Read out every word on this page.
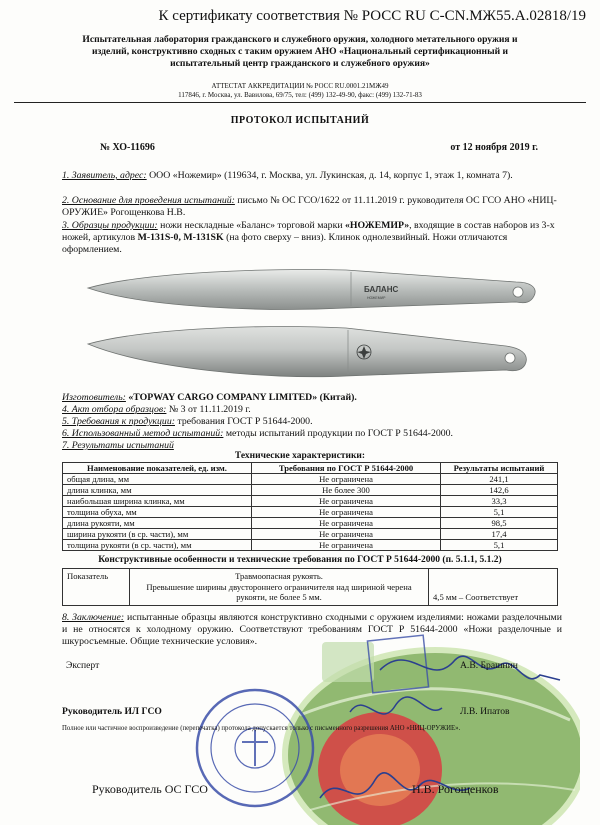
К сертификату соответствия № РОСС RU С-CN.МЖ55.А.02818/19
Испытательная лаборатория гражданского и служебного оружия, холодного метательного оружия и
изделий, конструктивно сходных с таким оружием АНО «Национальный сертификационный и
испытательный центр гражданского и служебного оружия»
АТТЕСТАТ АККРЕДИТАЦИИ № РОСС RU.0001.21МЖ49
117846, г. Москва, ул. Вавилова, 69/75, тел: (499) 132-49-90, факс: (499) 132-71-83
ПРОТОКОЛ ИСПЫТАНИЙ
№ ХО-11696	от 12 ноября 2019 г.
1. Заявитель, адрес: ООО «Ножемир» (119634, г. Москва, ул. Лукинская, д. 14, корпус 1, этаж 1, комната 7).
2. Основание для проведения испытаний: письмо № ОС ГСО/1622 от 11.11.2019 г. руководителя ОС ГСО АНО «НИЦ-ОРУЖИЕ» Рогощенкова Н.В.
3. Образцы продукции: ножи нескладные «Баланс» торговой марки «НОЖЕМИР», входящие в состав наборов из 3-х ножей, артикулов М-131S-0, М-131SK (на фото сверху – вниз). Клинок однолезвийный. Ножи отличаются оформлением.
БАЛАНС
НОЖЕМИР
Изготовитель: «TOPWAY CARGO COMPANY LIMITED» (Китай).
4. Акт отбора образцов: № 3 от 11.11.2019 г.
5. Требования к продукции: требования ГОСТ Р 51644-2000.
6. Использованный метод испытаний: методы испытаний продукции по ГОСТ Р 51644-2000.
7. Результаты испытаний
Технические характеристики:
Наименование показателей, ед. изм.	Требования по ГОСТ Р 51644-2000	Результаты испытаний
общая длина, мм	Не ограничена	241,1
длина клинка, мм	Не более 300	142,6
наибольшая ширина клинка, мм	Не ограничена	33,3
толщина обуха, мм	Не ограничена	5,1
длина рукояти, мм	Не ограничена	98,5
ширина рукояти (в ср. части), мм	Не ограничена	17,4
толщина рукояти (в ср. части), мм	Не ограничена	5,1
Конструктивные особенности и технические требования по ГОСТ Р 51644-2000 (п. 5.1.1, 5.1.2)
Показатель	Травмоопасная рукоять.
Превышение ширины двустороннего ограничителя над шириной черена рукояти, не более 5 мм.	4,5 мм – Соответствует
8. Заключение: испытанные образцы являются конструктивно сходными с оружием изделиями: ножами разделочными и не относятся к холодному оружию. Соответствуют требованиям ГОСТ Р 51644-2000 «Ножи разделочные и шкуросъемные. Общие технические условия».
Эксперт	А.В. Брашнин
Руководитель ИЛ ГСО	Л.В. Ипатов
Полное или частичное воспроизведение (перепечатка) протокола допускается только с письменного разрешения АНО «НИЦ-ОРУЖИЕ».
Руководитель ОС ГСО	Н.В. Рогощенков
